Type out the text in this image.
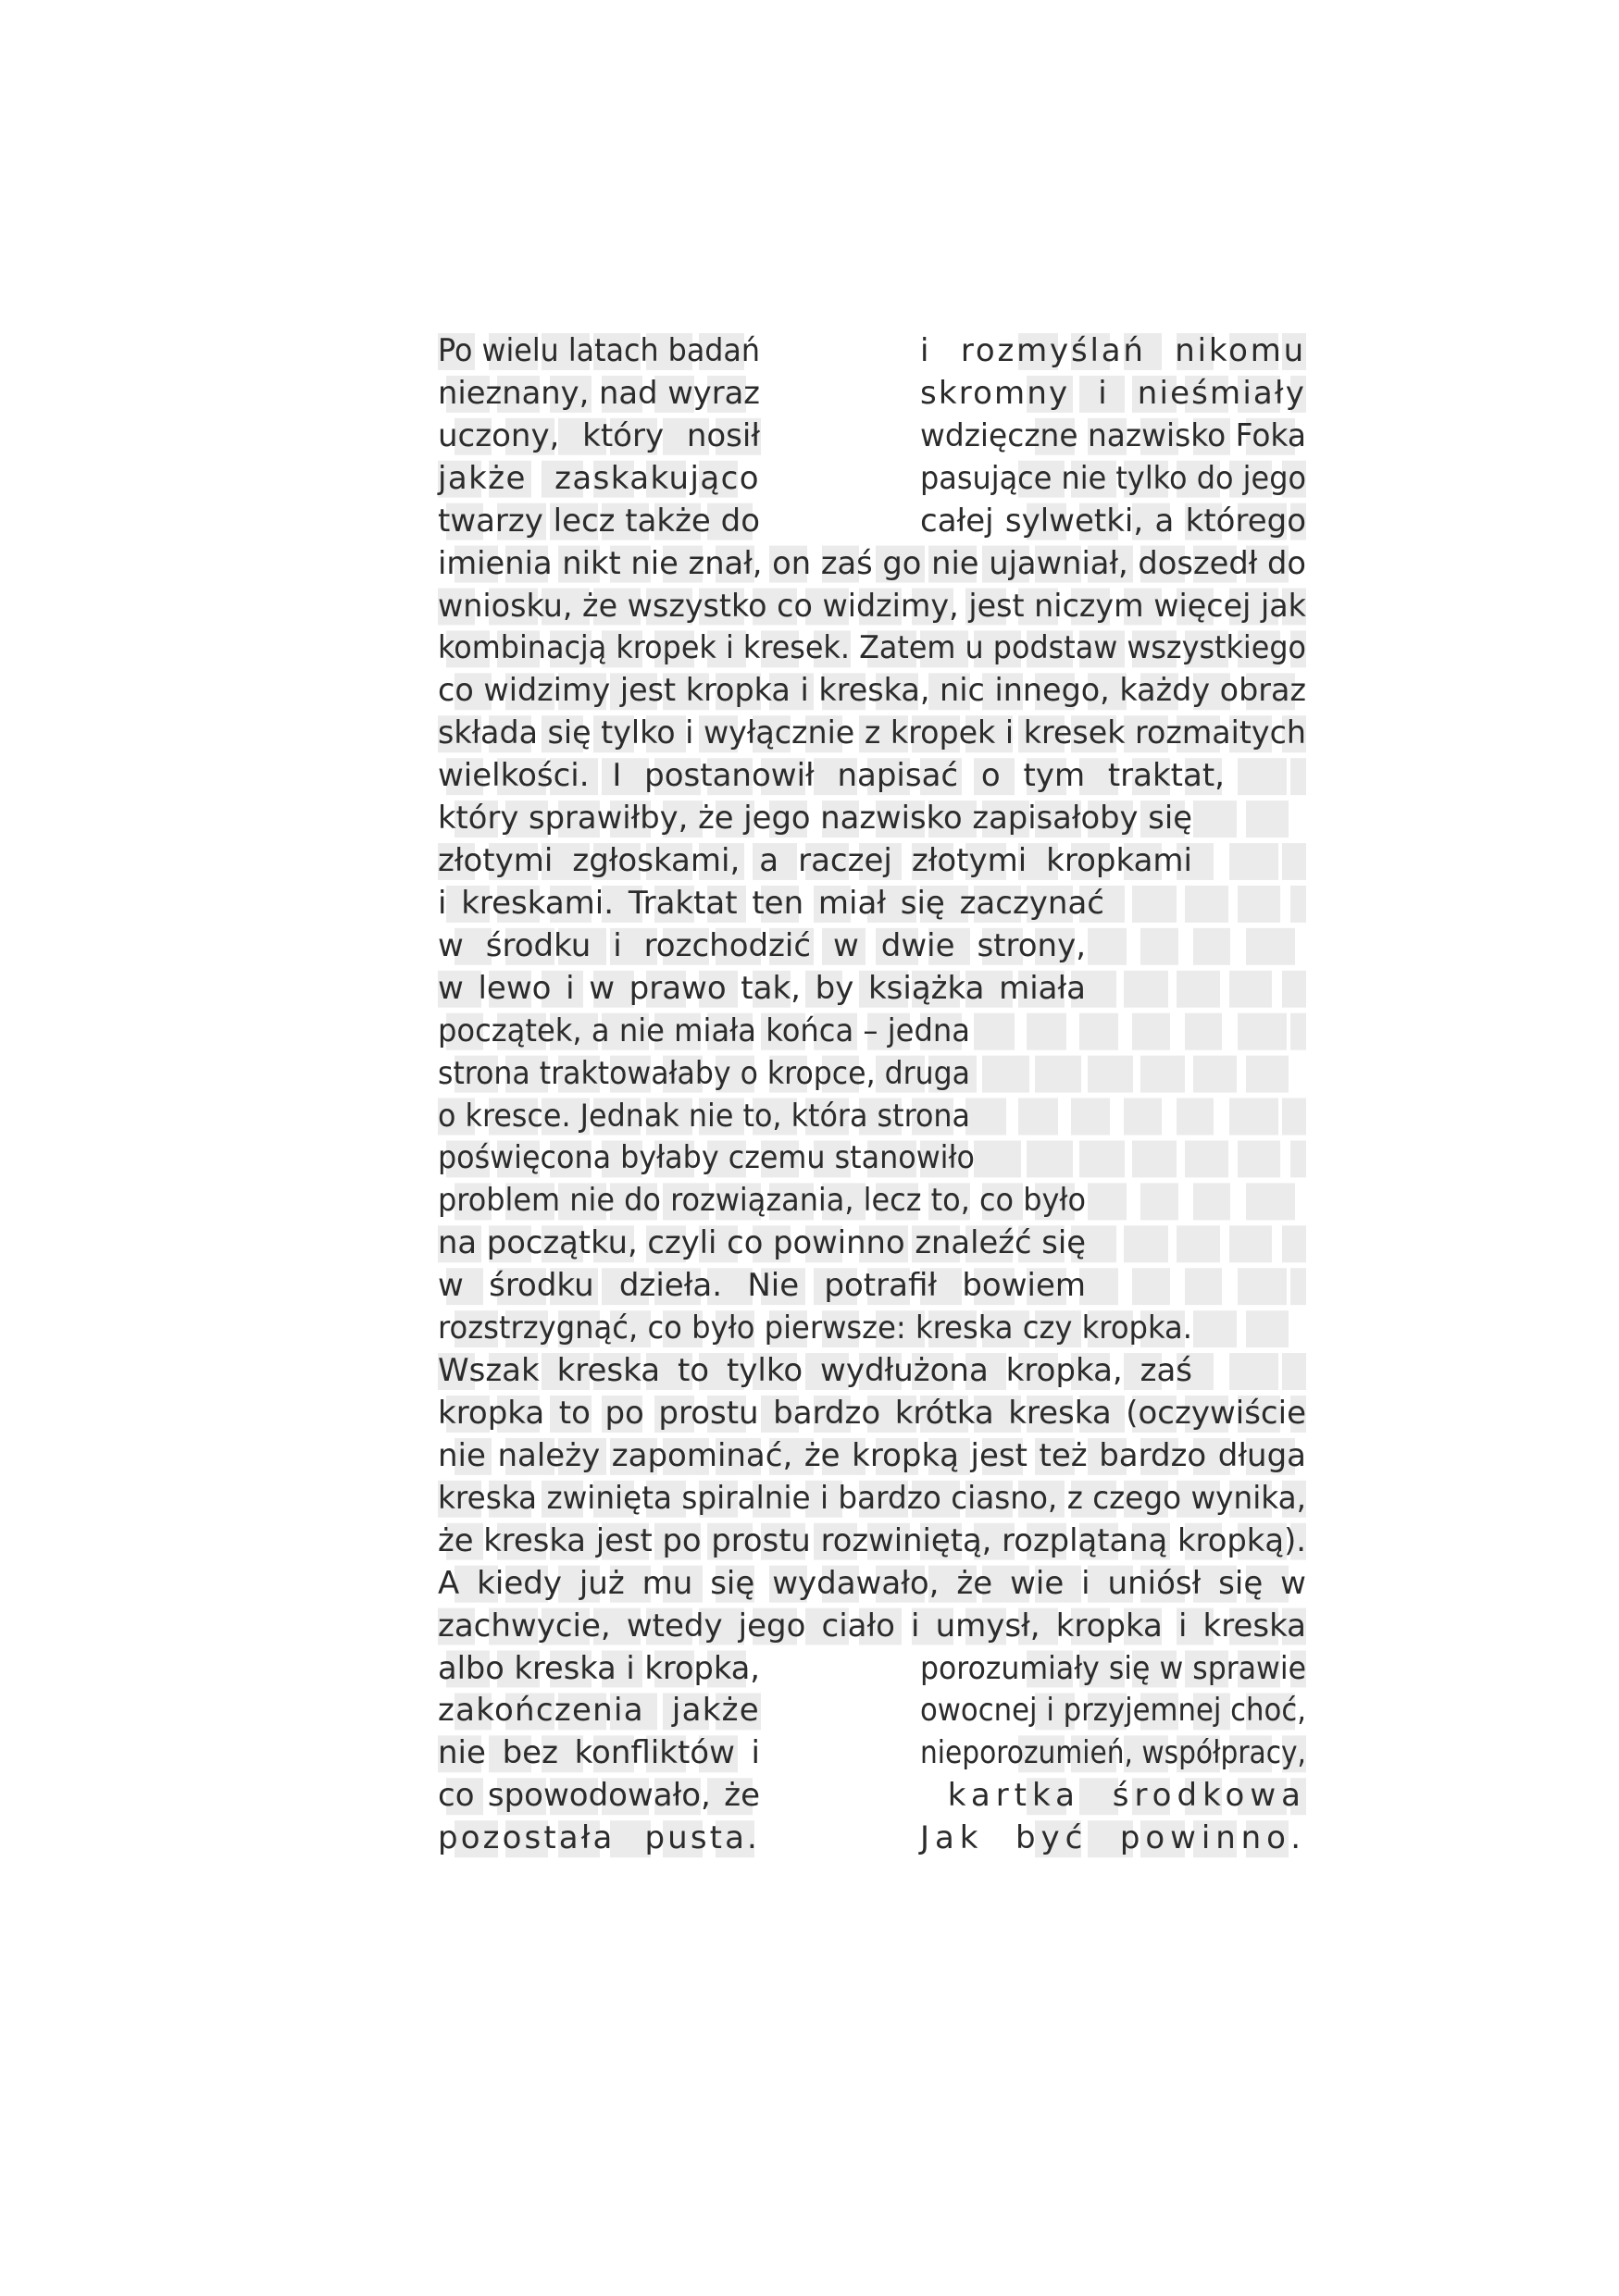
Po wielu latach badań	i rozmyślań nikomu
nieznany, nad wyraz	skromny i nieśmiały
uczony, który nosił	wdzięczne nazwisko Foka
jakże zaskakująco	pasujące nie tylko do jego
twarzy lecz także do	całej sylwetki, a którego
imienia nikt nie znał, on zaś go nie ujawniał, doszedł do
wniosku, że wszystko co widzimy, jest niczym więcej jak
kombinacją kropek i kresek. Zatem u podstaw wszystkiego
co widzimy jest kropka i kreska, nic innego, każdy obraz
składa się tylko i wyłącznie z kropek i kresek rozmaitych
wielkości. I postanowił napisać o tym traktat,
który sprawiłby, że jego nazwisko zapisałoby się
złotymi zgłoskami, a raczej złotymi kropkami
i kreskami. Traktat ten miał się zaczynać
w środku i rozchodzić w dwie strony,
w lewo i w prawo tak, by książka miała
początek, a nie miała końca – jedna
strona traktowałaby o kropce, druga
o kresce. Jednak nie to, która strona
poświęcona byłaby czemu stanowiło
problem nie do rozwiązania, lecz to, co było
na początku, czyli co powinno znaleźć się
w środku dzieła. Nie potrafił bowiem
rozstrzygnąć, co było pierwsze: kreska czy kropka.
Wszak kreska to tylko wydłużona kropka, zaś
kropka to po prostu bardzo krótka kreska (oczywiście
nie należy zapominać, że kropką jest też bardzo długa
kreska zwinięta spiralnie i bardzo ciasno, z czego wynika,
że kreska jest po prostu rozwiniętą, rozplątaną kropką).
A kiedy już mu się wydawało, że wie i uniósł się w
zachwycie, wtedy jego ciało i umysł, kropka i kreska
albo kreska i kropka,	porozumiały się w sprawie
zakończenia jakże	owocnej i przyjemnej choć,
nie bez konfliktów i	nieporozumień, współpracy,
co spowodowało, że	kartka środkowa
pozostała pusta.	Jak być powinno.
